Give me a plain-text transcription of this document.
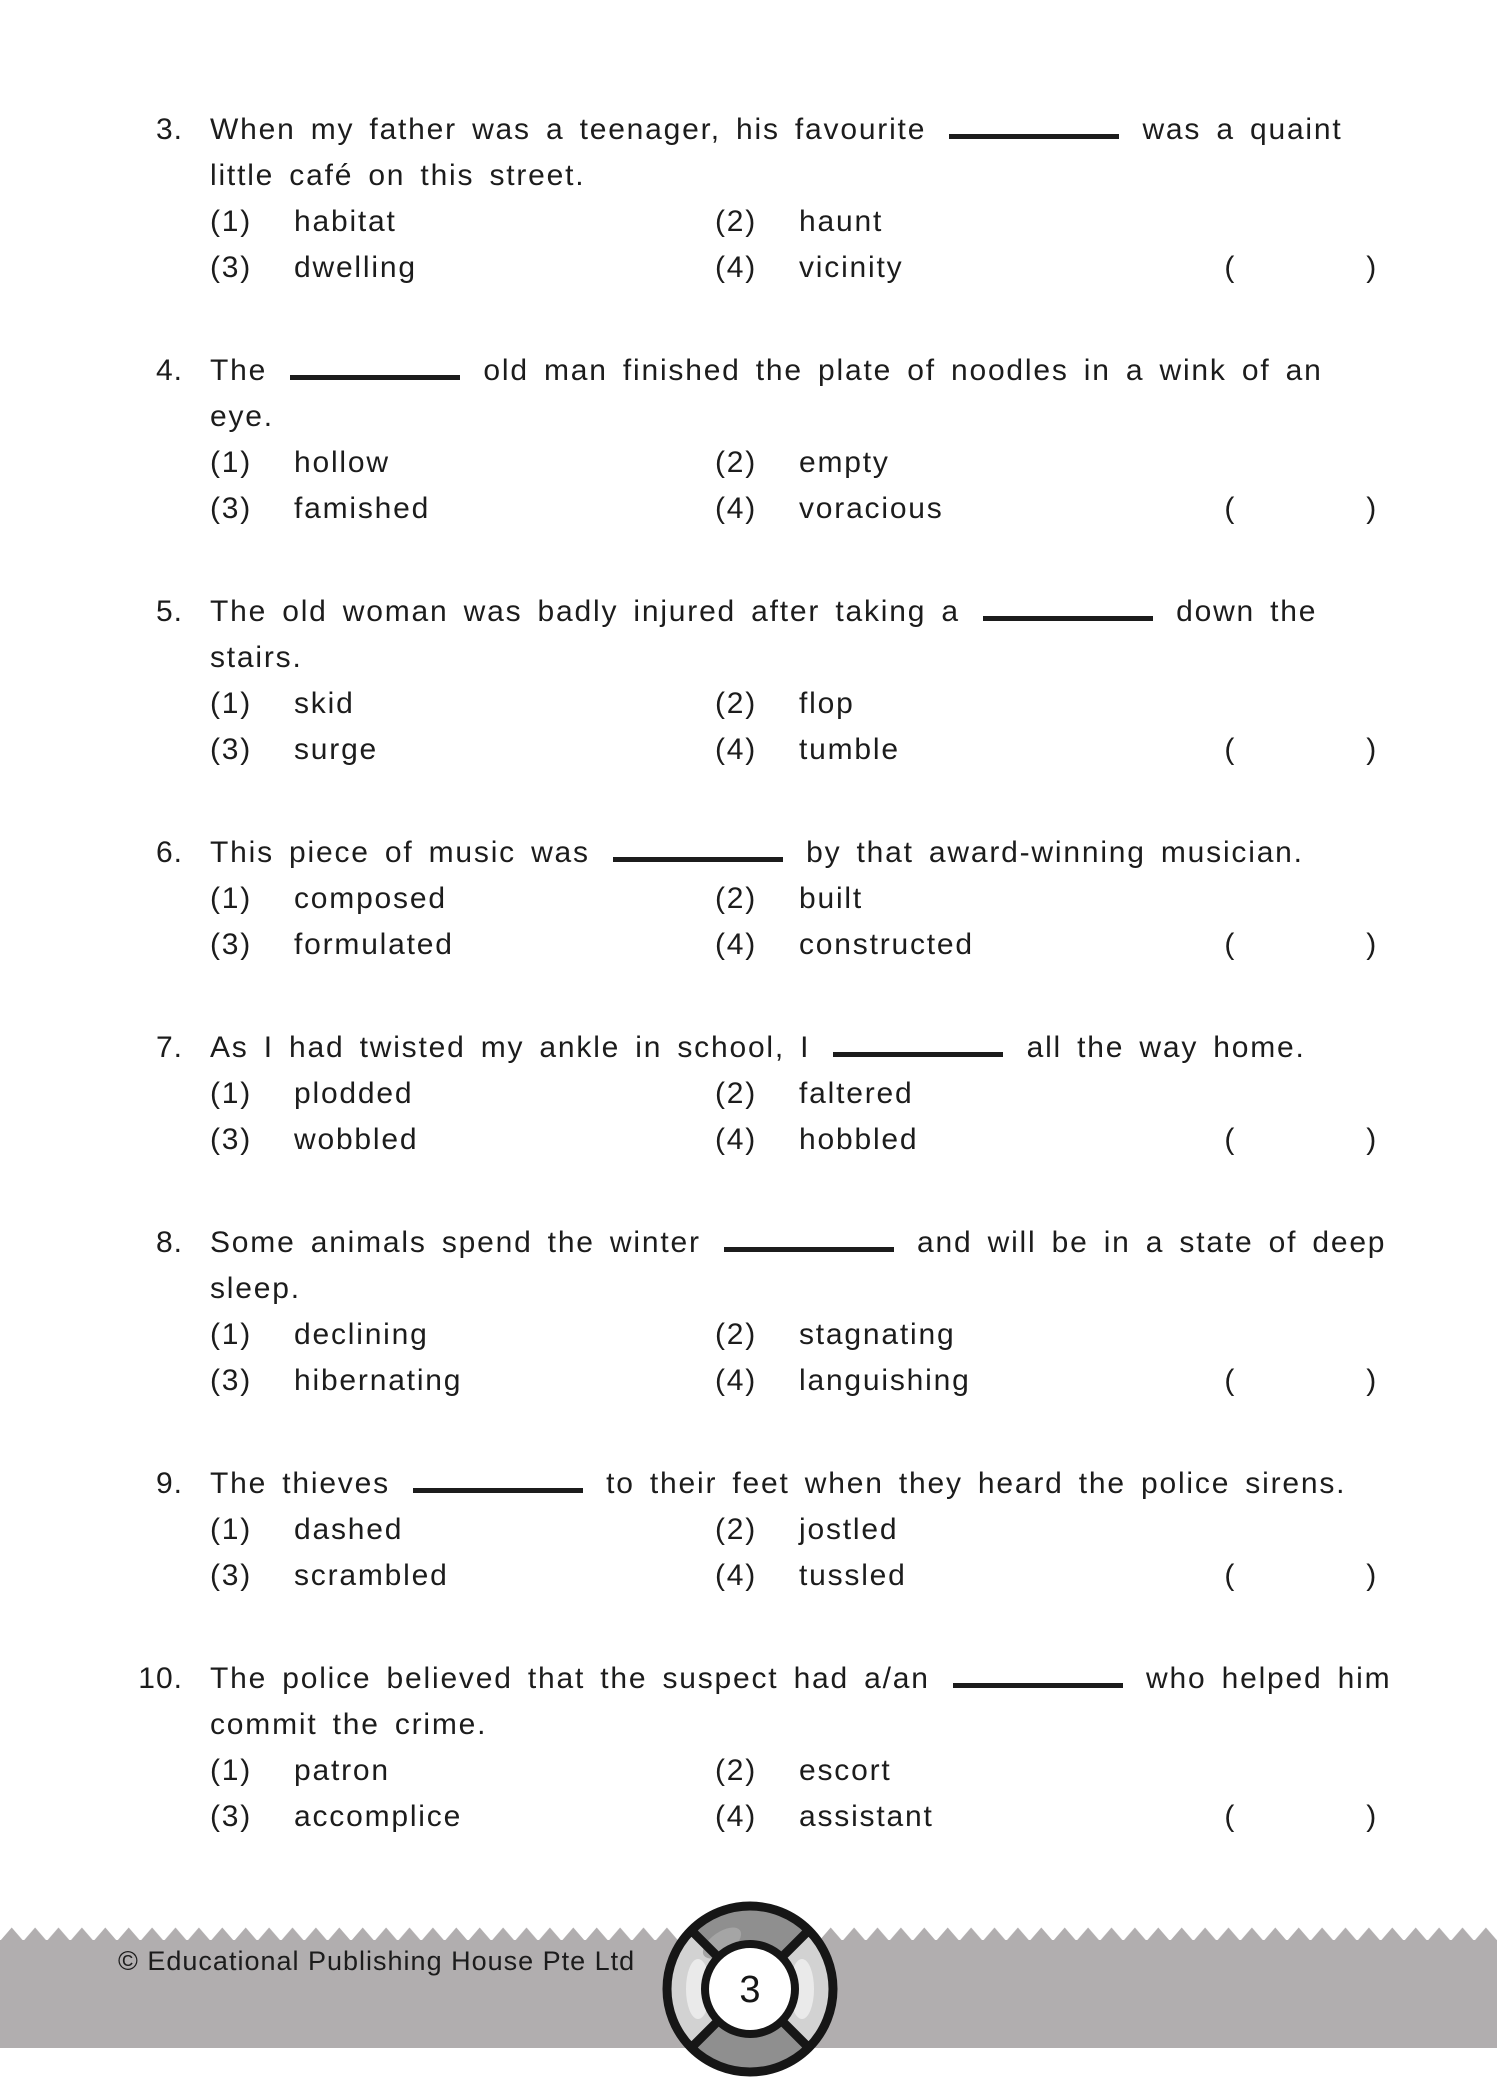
3. When my father was a teenager, his favourite	was a quaint
little café on this street.
(1)	habitat	(2)	haunt
(3)	dwelling	(4)	vicinity	(	)
4. The	old man finished the plate of noodles in a wink of an
eye.
(1)	hollow	(2)	empty
(3)	famished	(4)	voracious	(	)
5. The old woman was badly injured after taking a	down the
stairs.
(1)	skid	(2)	flop
(3)	surge	(4)	tumble	(	)
6. This piece of music was	by that award-winning musician.
(1)	composed	(2)	built
(3)	formulated	(4)	constructed	(	)
7. As I had twisted my ankle in school, I	all the way home.
(1)	plodded	(2)	faltered
(3)	wobbled	(4)	hobbled	(	)
8. Some animals spend the winter	and will be in a state of deep
sleep.
(1)	declining	(2)	stagnating
(3)	hibernating	(4)	languishing	(	)
9. The thieves	to their feet when they heard the police sirens.
(1)	dashed	(2)	jostled
(3)	scrambled	(4)	tussled	(	)
10. The police believed that the suspect had a/an	who helped him
commit the crime.
(1)	patron	(2)	escort
(3)	accomplice	(4)	assistant	(	)
© Educational Publishing House Pte Ltd
3
